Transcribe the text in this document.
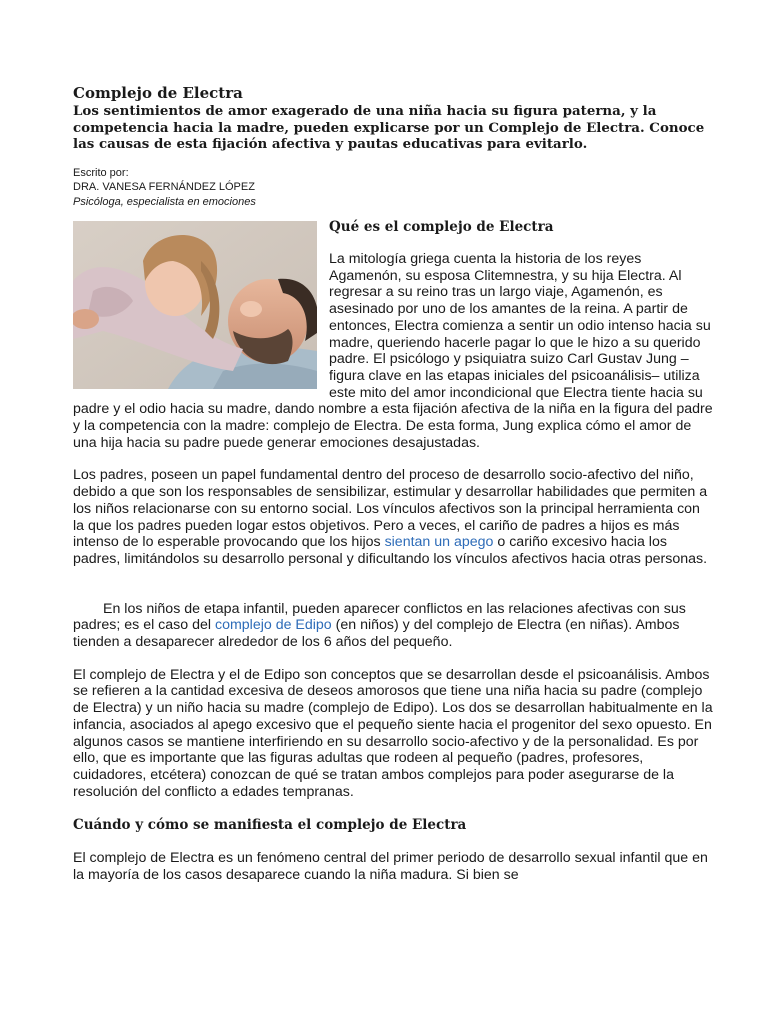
Complejo de Electra

Los sentimientos de amor exagerado de una niña hacia su figura paterna, y la competencia hacia la madre, pueden explicarse por un Complejo de Electra. Conoce las causas de esta fijación afectiva y pautas educativas para evitarlo.

Escrito por:
DRA. VANESA FERNÁNDEZ LÓPEZ
Psicóloga, especialista en emociones
Qué es el complejo de Electra

La mitología griega cuenta la historia de los reyes Agamenón, su esposa Clitemnestra, y su hija Electra. Al regresar a su reino tras un largo viaje, Agamenón, es asesinado por uno de los amantes de la reina. A partir de entonces, Electra comienza a sentir un odio intenso hacia su madre, queriendo hacerle pagar lo que le hizo a su querido padre. El psicólogo y psiquiatra suizo Carl Gustav Jung –figura clave en las etapas iniciales del psicoanálisis– utiliza este mito del amor incondicional que Electra tiente hacia su padre y el odio hacia su madre, dando nombre a esta fijación afectiva de la niña en la figura del padre y la competencia con la madre: complejo de Electra. De esta forma, Jung explica cómo el amor de una hija hacia su padre puede generar emociones desajustadas.

Los padres, poseen un papel fundamental dentro del proceso de desarrollo socio-afectivo del niño, debido a que son los responsables de sensibilizar, estimular y desarrollar habilidades que permiten a los niños relacionarse con su entorno social. Los vínculos afectivos son la principal herramienta con la que los padres pueden logar estos objetivos. Pero a veces, el cariño de padres a hijos es más intenso de lo esperable provocando que los hijos sientan un apego o cariño excesivo hacia los padres, limitándolos su desarrollo personal y dificultando los vínculos afectivos hacia otras personas.

En los niños de etapa infantil, pueden aparecer conflictos en las relaciones afectivas con sus padres; es el caso del complejo de Edipo (en niños) y del complejo de Electra (en niñas). Ambos tienden a desaparecer alrededor de los 6 años del pequeño.

El complejo de Electra y el de Edipo son conceptos que se desarrollan desde el psicoanálisis. Ambos se refieren a la cantidad excesiva de deseos amorosos que tiene una niña hacia su padre (complejo de Electra) y un niño hacia su madre (complejo de Edipo). Los dos se desarrollan habitualmente en la infancia, asociados al apego excesivo que el pequeño siente hacia el progenitor del sexo opuesto. En algunos casos se mantiene interfiriendo en su desarrollo socio-afectivo y de la personalidad. Es por ello, que es importante que las figuras adultas que rodeen al pequeño (padres, profesores, cuidadores, etcétera) conozcan de qué se tratan ambos complejos para poder asegurarse de la resolución del conflicto a edades tempranas.

Cuándo y cómo se manifiesta el complejo de Electra

El complejo de Electra es un fenómeno central del primer periodo de desarrollo sexual infantil que en la mayoría de los casos desaparece cuando la niña madura. Si bien se
